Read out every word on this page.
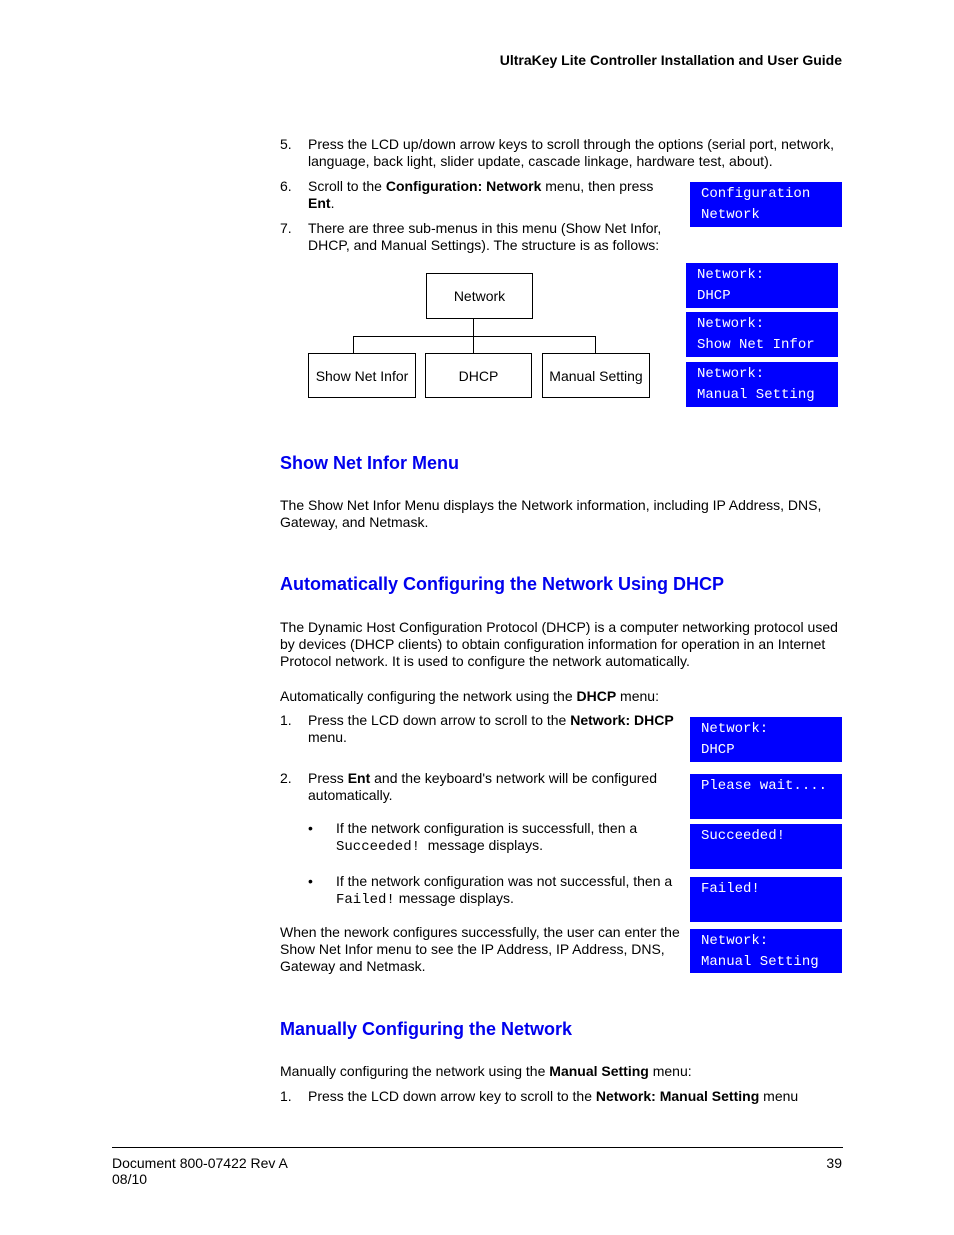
UltraKey Lite Controller Installation and User Guide
5. Press the LCD up/down arrow keys to scroll through the options (serial port, network,
language, back light, slider update, cascade linkage, hardware test, about).
6. Scroll to the Configuration: Network menu, then press
Ent.
7. There are three sub-menus in this menu (Show Net Infor,
DHCP, and Manual Settings). The structure is as follows:
Network
Show Net Infor	DHCP	Manual Setting
Configuration
Network
Network:
DHCP
Network:
Show Net Infor
Network:
Manual Setting
Show Net Infor Menu
The Show Net Infor Menu displays the Network information, including IP Address, DNS,
Gateway, and Netmask.
Automatically Configuring the Network Using DHCP
The Dynamic Host Configuration Protocol (DHCP) is a computer networking protocol used
by devices (DHCP clients) to obtain configuration information for operation in an Internet
Protocol network. It is used to configure the network automatically.
Automatically configuring the network using the DHCP menu:
1. Press the LCD down arrow to scroll to the Network: DHCP
menu.
2. Press Ent and the keyboard's network will be configured
automatically.
• If the network configuration is successfull, then a
Succeeded!  message displays.
• If the network configuration was not successful, then a
Failed! message displays.
When the nework configures successfully, the user can enter the
Show Net Infor menu to see the IP Address, IP Address, DNS,
Gateway and Netmask.
Network:
DHCP
Please wait....
Succeeded!
Failed!
Network:
Manual Setting
Manually Configuring the Network
Manually configuring the network using the Manual Setting menu:
1. Press the LCD down arrow key to scroll to the Network: Manual Setting menu
Document 800-07422 Rev A
08/10
39
